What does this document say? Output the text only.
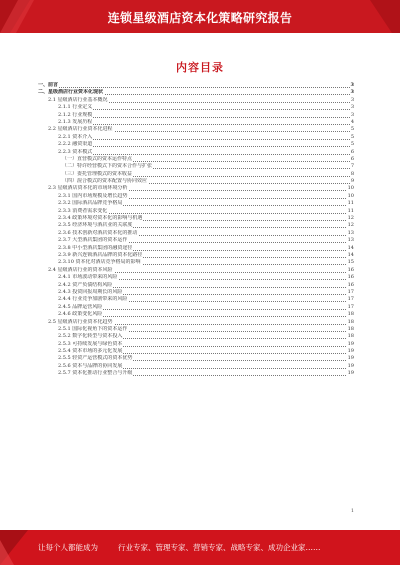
连锁星级酒店资本化策略研究报告
内容目录
一、前言	3
二、星级酒店行业资本化现状	3
2.1 星级酒店行业基本概况	3
2.1.1 行业定义	3
2.1.2 行业规模	3
2.1.3 发展历程	4
2.2 星级酒店行业资本化进程	5
2.2.1 资本介入	5
2.2.2 融资渠道	5
2.2.3 资本模式	6
（一）直营模式的资本运作特点	6
（二）特许经营模式下的资本合作与扩张	7
（三）委托管理模式的资本收益	8
（四）混合模式的资本配置与协同效应	9
2.3 星级酒店资本化的市场环境分析	10
2.3.1 国内市场规模及增长趋势	10
2.3.2 国际酒店品牌竞争格局	11
2.3.3 消费者需求变化	11
2.3.4 政策环境对资本化的影响与机遇	12
2.3.5 经济环境与酒店业的关联度	12
2.3.6 技术创新对酒店资本化的推动	13
2.3.7 大型酒店集团的资本运作	13
2.3.8 中小型酒店集团的融资途径	14
2.3.9 新兴连锁酒店品牌的资本化路径	14
2.3.10 资本化对酒店竞争格局的影响	15
2.4 星级酒店行业的资本风险	16
2.4.1 市场波动带来的风险	16
2.4.2 资产负债结构风险	16
2.4.3 投资回报周期长的风险	17
2.4.4 行业竞争加剧带来的风险	17
2.4.5 品牌运营风险	17
2.4.6 政策变化风险	18
2.5 星级酒店行业资本化趋势	18
2.5.1 国际化视角下的资本运作	18
2.5.2 数字化转型与资本投入	18
2.5.3 可持续发展与绿色资本	19
2.5.4 资本市场的多元化发展	19
2.5.5 轻资产运营模式的资本优势	19
2.5.6 资本与品牌的协同发展	19
2.5.7 资本化推动行业整合与升级	19
1
让每个人都能成为	行业专家、管理专家、营销专家、战略专家、成功企业家……
